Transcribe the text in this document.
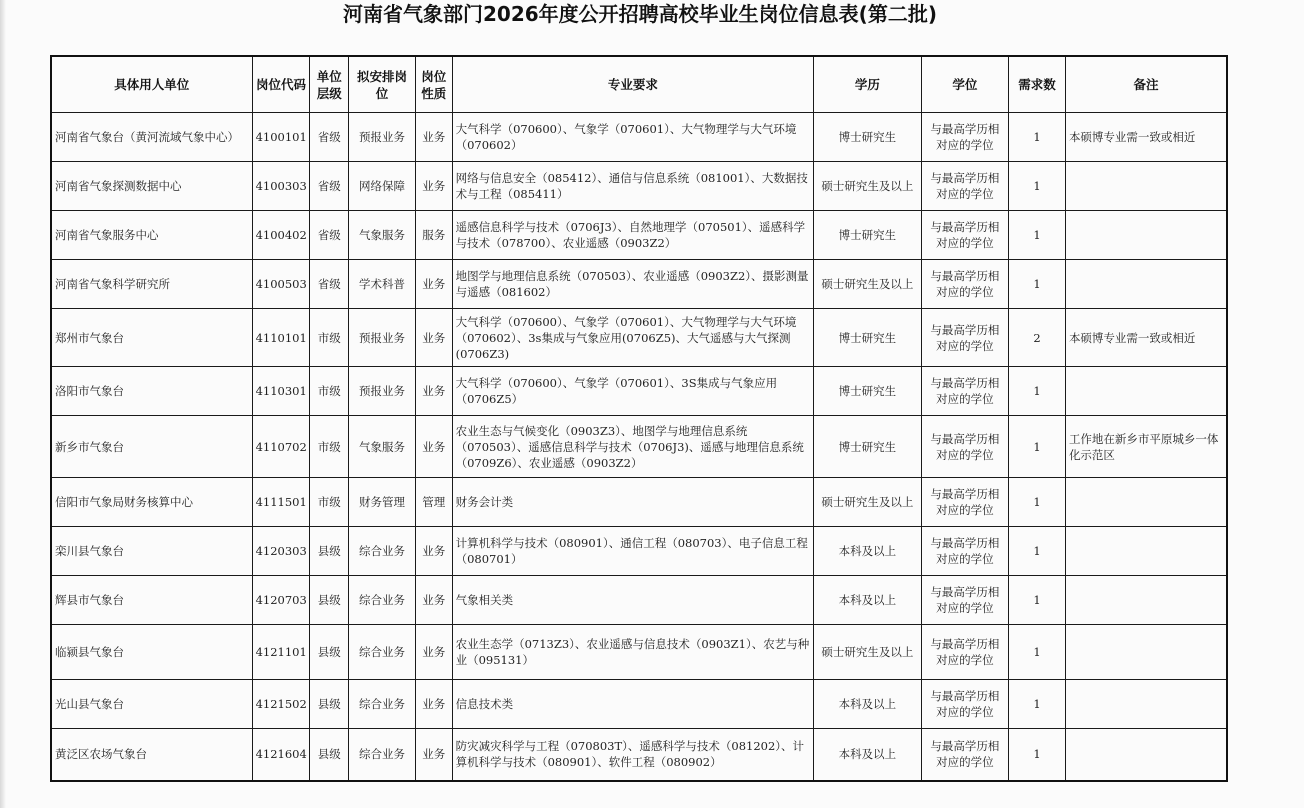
河南省气象部门2026年度公开招聘高校毕业生岗位信息表(第二批)
具体用人单位	岗位代码	单位层级	拟安排岗位	岗位性质	专业要求	学历	学位	需求数	备注
河南省气象台（黄河流域气象中心）	4100101	省级	预报业务	业务	大气科学（070600）、气象学（070601）、大气物理学与大气环境（070602）	博士研究生	与最高学历相对应的学位	1	本硕博专业需一致或相近
河南省气象探测数据中心	4100303	省级	网络保障	业务	网络与信息安全（085412）、通信与信息系统（081001）、大数据技术与工程（085411）	硕士研究生及以上	与最高学历相对应的学位	1	
河南省气象服务中心	4100402	省级	气象服务	服务	遥感信息科学与技术（0706J3）、自然地理学（070501）、遥感科学与技术（078700）、农业遥感（0903Z2）	博士研究生	与最高学历相对应的学位	1	
河南省气象科学研究所	4100503	省级	学术科普	业务	地图学与地理信息系统（070503）、农业遥感（0903Z2）、摄影测量与遥感（081602）	硕士研究生及以上	与最高学历相对应的学位	1	
郑州市气象台	4110101	市级	预报业务	业务	大气科学（070600）、气象学（070601）、大气物理学与大气环境（070602）、3s集成与气象应用(0706Z5)、大气遥感与大气探测(0706Z3)	博士研究生	与最高学历相对应的学位	2	本硕博专业需一致或相近
洛阳市气象台	4110301	市级	预报业务	业务	大气科学（070600）、气象学（070601）、3S集成与气象应用（0706Z5）	博士研究生	与最高学历相对应的学位	1	
新乡市气象台	4110702	市级	气象服务	业务	农业生态与气候变化（0903Z3）、地图学与地理信息系统（070503）、遥感信息科学与技术（0706J3)、遥感与地理信息系统（0709Z6）、农业遥感（0903Z2）	博士研究生	与最高学历相对应的学位	1	工作地在新乡市平原城乡一体化示范区
信阳市气象局财务核算中心	4111501	市级	财务管理	管理	财务会计类	硕士研究生及以上	与最高学历相对应的学位	1	
栾川县气象台	4120303	县级	综合业务	业务	计算机科学与技术（080901）、通信工程（080703）、电子信息工程（080701）	本科及以上	与最高学历相对应的学位	1	
辉县市气象台	4120703	县级	综合业务	业务	气象相关类	本科及以上	与最高学历相对应的学位	1	
临颍县气象台	4121101	县级	综合业务	业务	农业生态学（0713Z3）、农业遥感与信息技术（0903Z1）、农艺与种业（095131）	硕士研究生及以上	与最高学历相对应的学位	1	
光山县气象台	4121502	县级	综合业务	业务	信息技术类	本科及以上	与最高学历相对应的学位	1	
黄泛区农场气象台	4121604	县级	综合业务	业务	防灾减灾科学与工程（070803T）、遥感科学与技术（081202）、计算机科学与技术（080901）、软件工程（080902）	本科及以上	与最高学历相对应的学位	1	
